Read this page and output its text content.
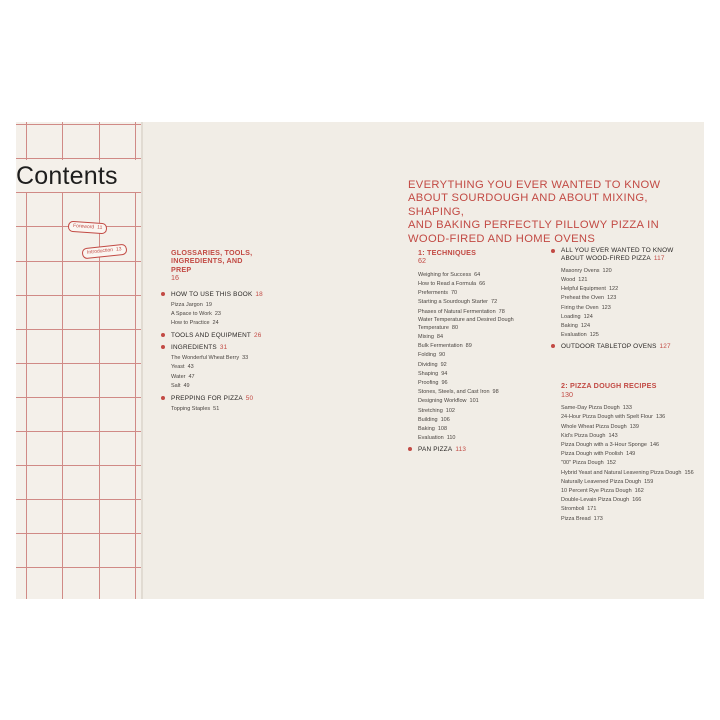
Contents
Foreword 11
Introduction 13
EVERYTHING YOU EVER WANTED TO KNOW
ABOUT SOURDOUGH AND ABOUT MIXING, SHAPING,
AND BAKING PERFECTLY PILLOWY PIZZA IN
WOOD-FIRED AND HOME OVENS
GLOSSARIES, TOOLS,
INGREDIENTS, AND
PREP
16
HOW TO USE THIS BOOK 18
Pizza Jargon 19
A Space to Work 23
How to Practice 24
TOOLS AND EQUIPMENT 26
INGREDIENTS 31
The Wonderful Wheat Berry 33
Yeast 43
Water 47
Salt 49
PREPPING FOR PIZZA 50
Topping Staples 51
1: TECHNIQUES
62
Weighing for Success 64
How to Read a Formula 66
Preferments 70
Starting a Sourdough Starter 72
Phases of Natural Fermentation 78
Water Temperature and Desired Dough
Temperature 80
Mixing 84
Bulk Fermentation 89
Folding 90
Dividing 92
Shaping 94
Proofing 96
Stones, Steels, and Cast Iron 98
Designing Workflow 101
Stretching 102
Building 106
Baking 108
Evaluation 110
PAN PIZZA 113
ALL YOU EVER WANTED TO KNOW
ABOUT WOOD-FIRED PIZZA 117
Masonry Ovens 120
Wood 121
Helpful Equipment 122
Preheat the Oven 123
Firing the Oven 123
Loading 124
Baking 124
Evaluation 125
OUTDOOR TABLETOP OVENS 127
2: PIZZA DOUGH RECIPES
130
Same-Day Pizza Dough 133
24-Hour Pizza Dough with Spelt Flour 136
Whole Wheat Pizza Dough 139
Kid's Pizza Dough 143
Pizza Dough with a 3-Hour Sponge 146
Pizza Dough with Poolish 149
"00" Pizza Dough 152
Hybrid Yeast and Natural Leavening Pizza Dough 156
Naturally Leavened Pizza Dough 159
10 Percent Rye Pizza Dough 162
Double-Levain Pizza Dough 166
Stromboli 171
Pizza Bread 173
